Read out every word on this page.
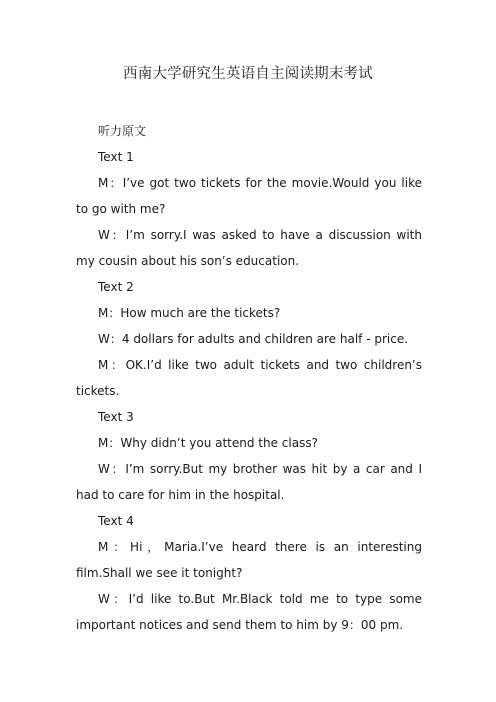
西南大学研究生英语自主阅读期末考试
听力原文
Text 1

M：I’ve got two tickets for the movie.Would you like to go with me?

W：I’m sorry.I was asked to have a discussion with my cousin about his son’s education.

Text 2

M：How much are the tickets?

W：4 dollars for adults and children are half - price.

M：OK.I’d like two adult tickets and two children’s tickets.

Text 3

M：Why didn’t you attend the class?

W：I’m sorry.But my brother was hit by a car and I had to care for him in the hospital.

Text 4

M：Hi，Maria.I’ve heard there is an interesting film.Shall we see it tonight?

W：I’d like to.But Mr.Black told me to type some important notices and send them to him by 9：00 pm.
